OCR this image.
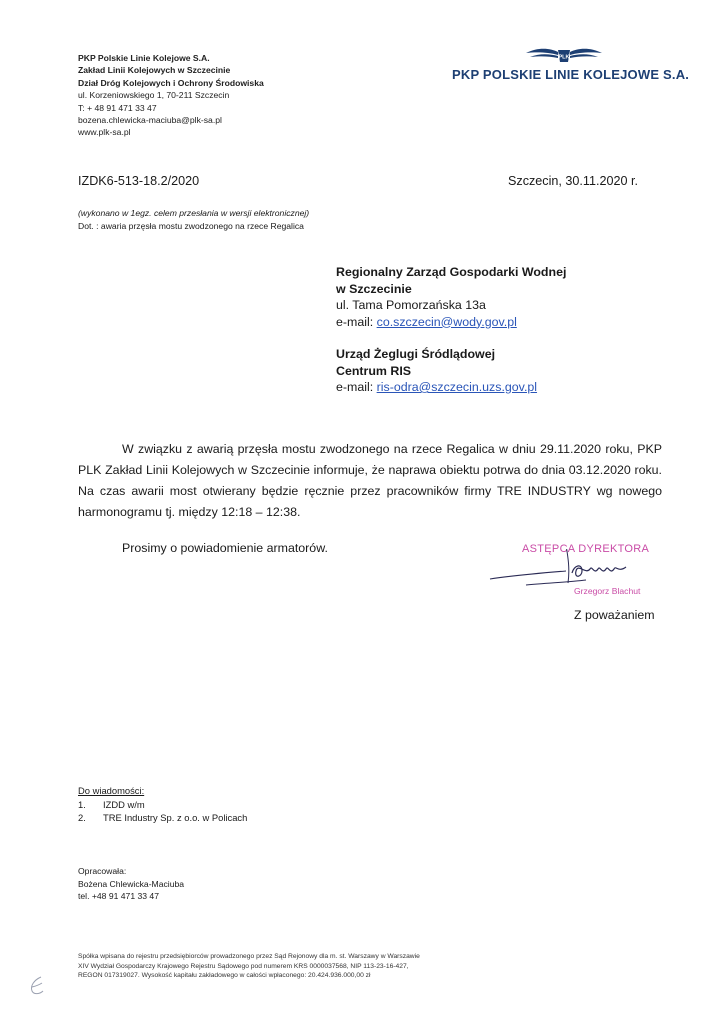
PKP Polskie Linie Kolejowe S.A.
Zakład Linii Kolejowych w Szczecinie
Dział Dróg Kolejowych i Ochrony Środowiska
ul. Korzeniowskiego 1, 70-211 Szczecin
T: + 48 91 471 33 47
bozena.chlewicka-maciuba@plk-sa.pl
www.plk-sa.pl
PLK
PKP POLSKIE LINIE KOLEJOWE S.A.
IZDK6-513-18.2/2020	Szczecin, 30.11.2020 r.
(wykonano w 1egz. celem przesłania w wersji elektronicznej)
Dot. : awaria przęsła mostu zwodzonego na rzece Regalica
Regionalny Zarząd Gospodarki Wodnej
w Szczecinie
ul. Tama Pomorzańska 13a
e-mail: co.szczecin@wody.gov.pl
Urząd Żeglugi Śródlądowej
Centrum RIS
e-mail: ris-odra@szczecin.uzs.gov.pl

W związku z awarią przęsła mostu zwodzonego na rzece Regalica w dniu 29.11.2020 roku, PKP PLK Zakład Linii Kolejowych w Szczecinie informuje, że naprawa obiektu potrwa do dnia 03.12.2020 roku. Na czas awarii most otwierany będzie ręcznie przez pracowników firmy TRE INDUSTRY wg nowego harmonogramu tj. między 12:18 – 12:38.

Prosimy o powiadomienie armatorów.	ASTĘPCA DYREKTORA
Grzegorz Blachut
Z poważaniem
Do wiadomości:
1.	IZDD w/m
2.	TRE Industry Sp. z o.o. w Policach
Opracowała:
Bożena Chlewicka-Maciuba
tel. +48 91 471 33 47
Spółka wpisana do rejestru przedsiębiorców prowadzonego przez Sąd Rejonowy dla m. st. Warszawy w Warszawie
XIV Wydział Gospodarczy Krajowego Rejestru Sądowego pod numerem KRS 0000037568, NIP 113-23-16-427,
REGON 017319027. Wysokość kapitału zakładowego w całości wpłaconego: 20.424.936.000,00 zł
